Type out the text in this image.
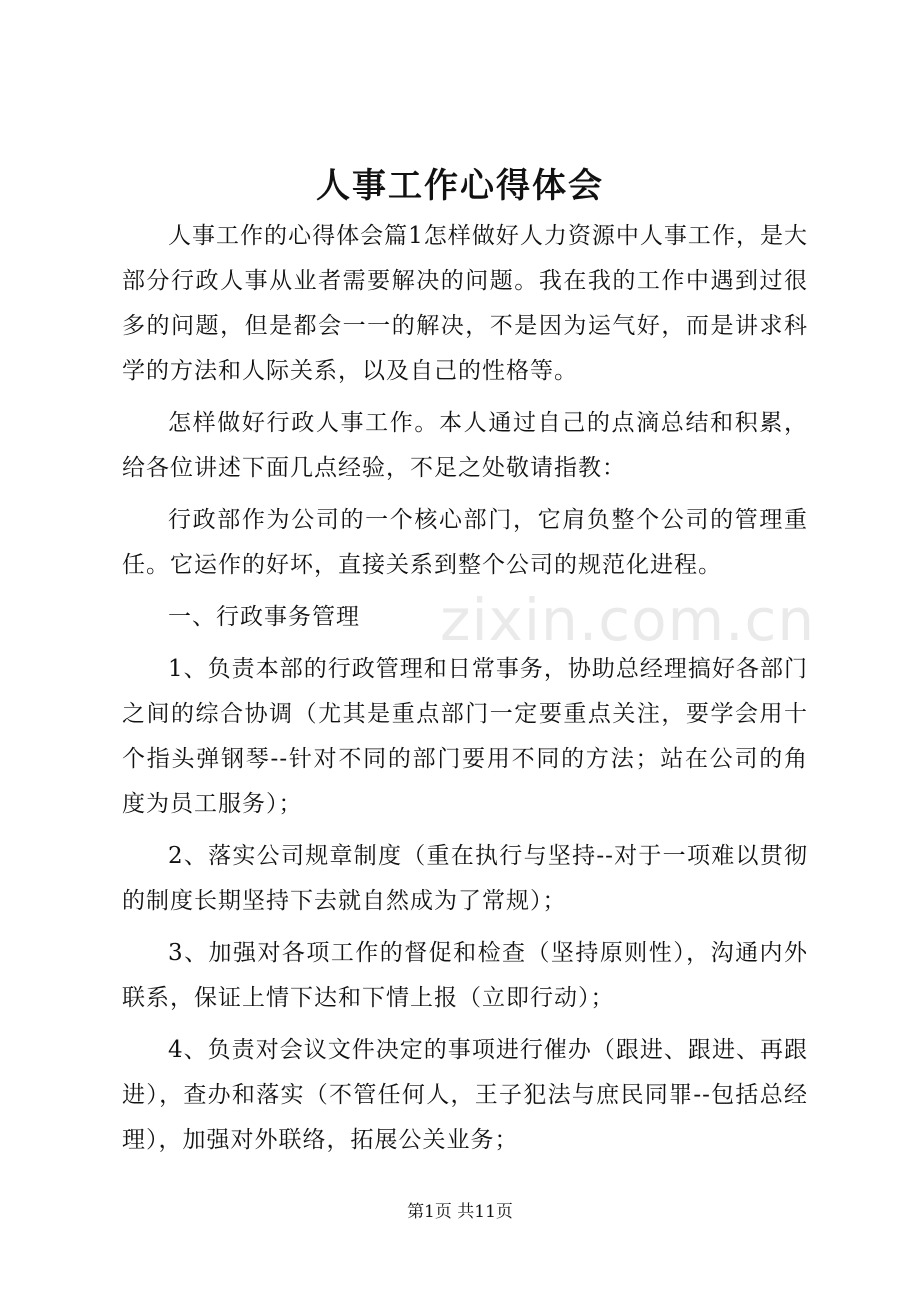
人事工作心得体会
zixin.com.cn

人事工作的心得体会篇1怎样做好人力资源中人事工作，是大部分行政人事从业者需要解决的问题。我在我的工作中遇到过很多的问题，但是都会一一的解决，不是因为运气好，而是讲求科学的方法和人际关系，以及自己的性格等。

怎样做好行政人事工作。本人通过自己的点滴总结和积累，给各位讲述下面几点经验，不足之处敬请指教：

行政部作为公司的一个核心部门，它肩负整个公司的管理重任。它运作的好坏，直接关系到整个公司的规范化进程。

一、行政事务管理

1、负责本部的行政管理和日常事务，协助总经理搞好各部门之间的综合协调（尤其是重点部门一定要重点关注，要学会用十个指头弹钢琴--针对不同的部门要用不同的方法；站在公司的角度为员工服务）；

2、落实公司规章制度（重在执行与坚持--对于一项难以贯彻的制度长期坚持下去就自然成为了常规）；

3、加强对各项工作的督促和检查（坚持原则性），沟通内外联系，保证上情下达和下情上报（立即行动）；

4、负责对会议文件决定的事项进行催办（跟进、跟进、再跟进），查办和落实（不管任何人，王子犯法与庶民同罪--包括总经理），加强对外联络，拓展公关业务；

第1页 共11页
